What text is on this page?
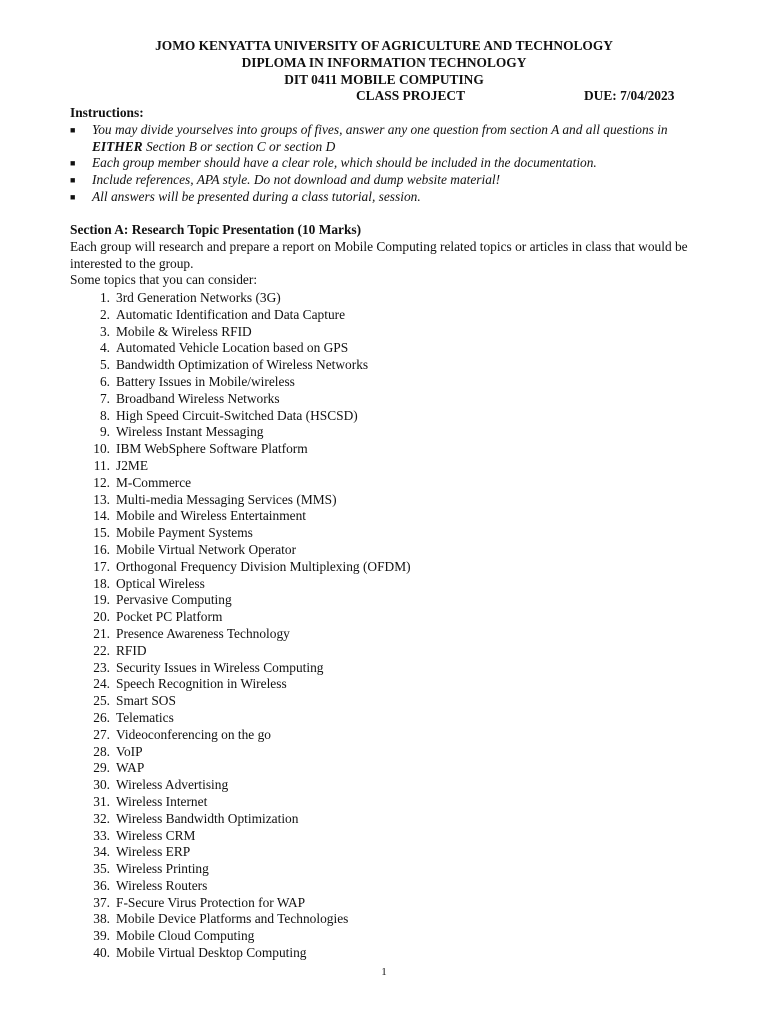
JOMO KENYATTA UNIVERSITY OF AGRICULTURE AND TECHNOLOGY
DIPLOMA IN INFORMATION TECHNOLOGY
DIT 0411 MOBILE COMPUTING
CLASS PROJECT	DUE: 7/04/2023
Instructions:
■ You may divide yourselves into groups of fives, answer any one question from section A and all questions in EITHER Section B or section C or section D
■ Each group member should have a clear role, which should be included in the documentation.
■ Include references, APA style. Do not download and dump website material!
■ All answers will be presented during a class tutorial, session.
Section A: Research Topic Presentation (10 Marks)

Each group will research and prepare a report on Mobile Computing related topics or articles in class that would be interested to the group.

Some topics that you can consider:

1. 3rd Generation Networks (3G)
2. Automatic Identification and Data Capture
3. Mobile & Wireless RFID
4. Automated Vehicle Location based on GPS
5. Bandwidth Optimization of Wireless Networks
6. Battery Issues in Mobile/wireless
7. Broadband Wireless Networks
8. High Speed Circuit-Switched Data (HSCSD)
9. Wireless Instant Messaging
10. IBM WebSphere Software Platform
11. J2ME
12. M-Commerce
13. Multi-media Messaging Services (MMS)
14. Mobile and Wireless Entertainment
15. Mobile Payment Systems
16. Mobile Virtual Network Operator
17. Orthogonal Frequency Division Multiplexing (OFDM)
18. Optical Wireless
19. Pervasive Computing
20. Pocket PC Platform
21. Presence Awareness Technology
22. RFID
23. Security Issues in Wireless Computing
24. Speech Recognition in Wireless
25. Smart SOS
26. Telematics
27. Videoconferencing on the go
28. VoIP
29. WAP
30. Wireless Advertising
31. Wireless Internet
32. Wireless Bandwidth Optimization
33. Wireless CRM
34. Wireless ERP
35. Wireless Printing
36. Wireless Routers
37. F-Secure Virus Protection for WAP
38. Mobile Device Platforms and Technologies
39. Mobile Cloud Computing
40. Mobile Virtual Desktop Computing
1
